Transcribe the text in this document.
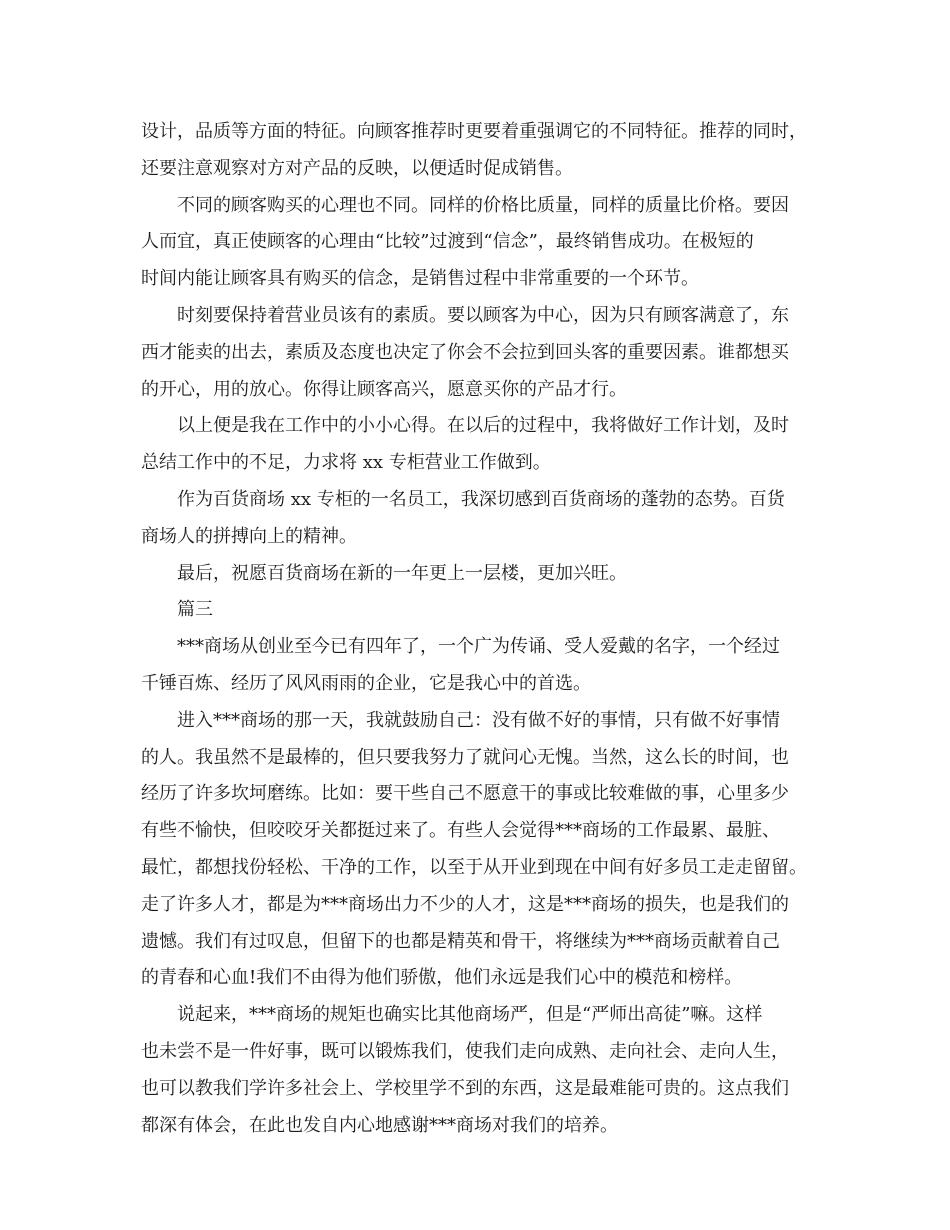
设计，品质等方面的特征。向顾客推荐时更要着重强调它的不同特征。推荐的同时，
还要注意观察对方对产品的反映，以便适时促成销售。
不同的顾客购买的心理也不同。同样的价格比质量，同样的质量比价格。要因
人而宜，真正使顾客的心理由“比较”过渡到“信念”，最终销售成功。在极短的
时间内能让顾客具有购买的信念，是销售过程中非常重要的一个环节。
时刻要保持着营业员该有的素质。要以顾客为中心，因为只有顾客满意了，东
西才能卖的出去，素质及态度也决定了你会不会拉到回头客的重要因素。谁都想买
的开心，用的放心。你得让顾客高兴，愿意买你的产品才行。
以上便是我在工作中的小小心得。在以后的过程中，我将做好工作计划，及时
总结工作中的不足，力求将 xx 专柜营业工作做到。
作为百货商场 xx 专柜的一名员工，我深切感到百货商场的蓬勃的态势。百货
商场人的拼搏向上的精神。
最后，祝愿百货商场在新的一年更上一层楼，更加兴旺。
篇三
***商场从创业至今已有四年了，一个广为传诵、受人爱戴的名字，一个经过
千锤百炼、经历了风风雨雨的企业，它是我心中的首选。
进入***商场的那一天，我就鼓励自己：没有做不好的事情，只有做不好事情
的人。我虽然不是最棒的，但只要我努力了就问心无愧。当然，这么长的时间，也
经历了许多坎坷磨练。比如：要干些自己不愿意干的事或比较难做的事，心里多少
有些不愉快，但咬咬牙关都挺过来了。有些人会觉得***商场的工作最累、最脏、
最忙，都想找份轻松、干净的工作，以至于从开业到现在中间有好多员工走走留留。
走了许多人才，都是为***商场出力不少的人才，这是***商场的损失，也是我们的
遗憾。我们有过叹息，但留下的也都是精英和骨干，将继续为***商场贡献着自己
的青春和心血!我们不由得为他们骄傲，他们永远是我们心中的模范和榜样。
说起来，***商场的规矩也确实比其他商场严，但是“严师出高徒”嘛。这样
也未尝不是一件好事，既可以锻炼我们，使我们走向成熟、走向社会、走向人生，
也可以教我们学许多社会上、学校里学不到的东西，这是最难能可贵的。这点我们
都深有体会，在此也发自内心地感谢***商场对我们的培养。
